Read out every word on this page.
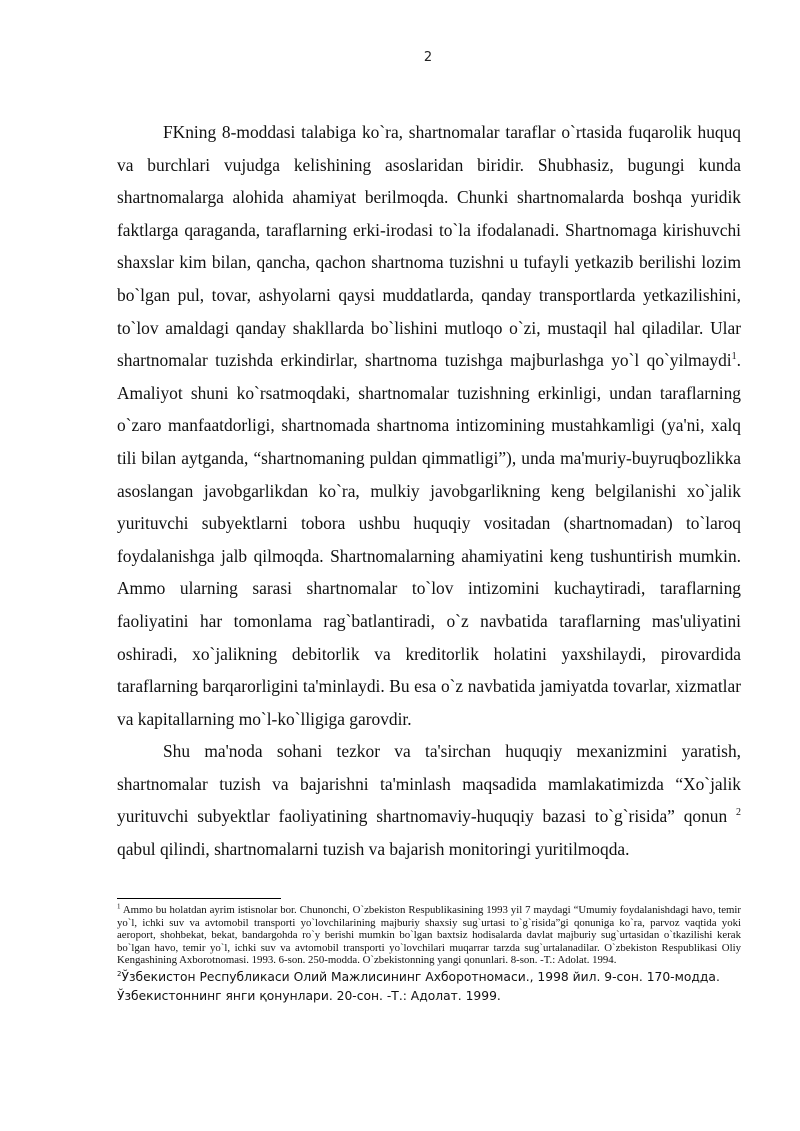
2

FKning 8-moddasi talabiga ko`ra, shartnomalar taraflar o`rtasida fuqarolik huquq va burchlari vujudga kelishining asoslaridan biridir. Shubhasiz, bugungi kunda shartnomalarga alohida ahamiyat berilmoqda. Chunki shartnomalarda boshqa yuridik faktlarga qaraganda, taraflarning erki-irodasi to`la ifodalanadi. Shartnomaga kirishuvchi shaxslar kim bilan, qancha, qachon shartnoma tuzishni u tufayli yetkazib berilishi lozim bo`lgan pul, tovar, ashyolarni qaysi muddatlarda, qanday transportlarda yetkazilishini, to`lov amaldagi qanday shakllarda bo`lishini mutloqo o`zi, mustaqil hal qiladilar. Ular shartnomalar tuzishda erkindirlar, shartnoma tuzishga majburlashga yo`l qo`yilmaydi$^1$. Amaliyot shuni ko`rsatmoqdaki, shartnomalar tuzishning erkinligi, undan taraflarning o`zaro manfaatdorligi, shartnomada shartnoma intizomining mustahkamligi (ya'ni, xalq tili bilan aytganda, “shartnomaning puldan qimmatligi”), unda ma'muriy-buyruqbozlikka asoslangan javobgarlikdan ko`ra, mulkiy javobgarlikning keng belgilanishi xo`jalik yurituvchi subyektlarni tobora ushbu huquqiy vositadan (shartnomadan) to`laroq foydalanishga jalb qilmoqda. Shartnomalarning ahamiyatini keng tushuntirish mumkin. Ammo ularning sarasi shartnomalar to`lov intizomini kuchaytiradi, taraflarning faoliyatini har tomonlama rag`batlantiradi, o`z navbatida taraflarning mas'uliyatini oshiradi, xo`jalikning debitorlik va kreditorlik holatini yaxshilaydi, pirovardida taraflarning barqarorligini ta'minlaydi. Bu esa o`z navbatida jamiyatda tovarlar, xizmatlar va kapitallarning mo`l-ko`lligiga garovdir.

Shu ma'noda sohani tezkor va ta'sirchan huquqiy mexanizmini yaratish, shartnomalar tuzish va bajarishni ta'minlash maqsadida mamlakatimizda “Xo`jalik yurituvchi subyektlar faoliyatining shartnomaviy-huquqiy bazasi to`g`risida” qonun $^2$ qabul qilindi, shartnomalarni tuzish va bajarish monitoringi yuritilmoqda.

$^1$ Ammo bu holatdan ayrim istisnolar bor. Chunonchi, O`zbekiston Respublikasining 1993 yil 7 maydagi “Umumiy foydalanishdagi havo, temir yo`l, ichki suv va avtomobil transporti yo`lovchilarining majburiy shaxsiy sug`urtasi to`g`risida”gi qonuniga ko`ra, parvoz vaqtida yoki aeroport, shohbekat, bekat, bandargohda ro`y berishi mumkin bo`lgan baxtsiz hodisalarda davlat majburiy sug`urtasidan o`tkazilishi kerak bo`lgan havo, temir yo`l, ichki suv va avtomobil transporti yo`lovchilari muqarrar tarzda sug`urtalanadilar. O`zbekiston Respublikasi Oliy Kengashining Axborotnomasi. 1993. 6-son. 250-modda. O`zbekistonning yangi qonunlari. 8-son. -T.: Adolat. 1994.

$^2$Ўзбекистон Республикаси Олий Мажлисининг Ахборотномаси., 1998 йил. 9-сон. 170-модда. Ўзбекистоннинг янги қонунлари. 20-сон. -Т.: Адолат. 1999.
